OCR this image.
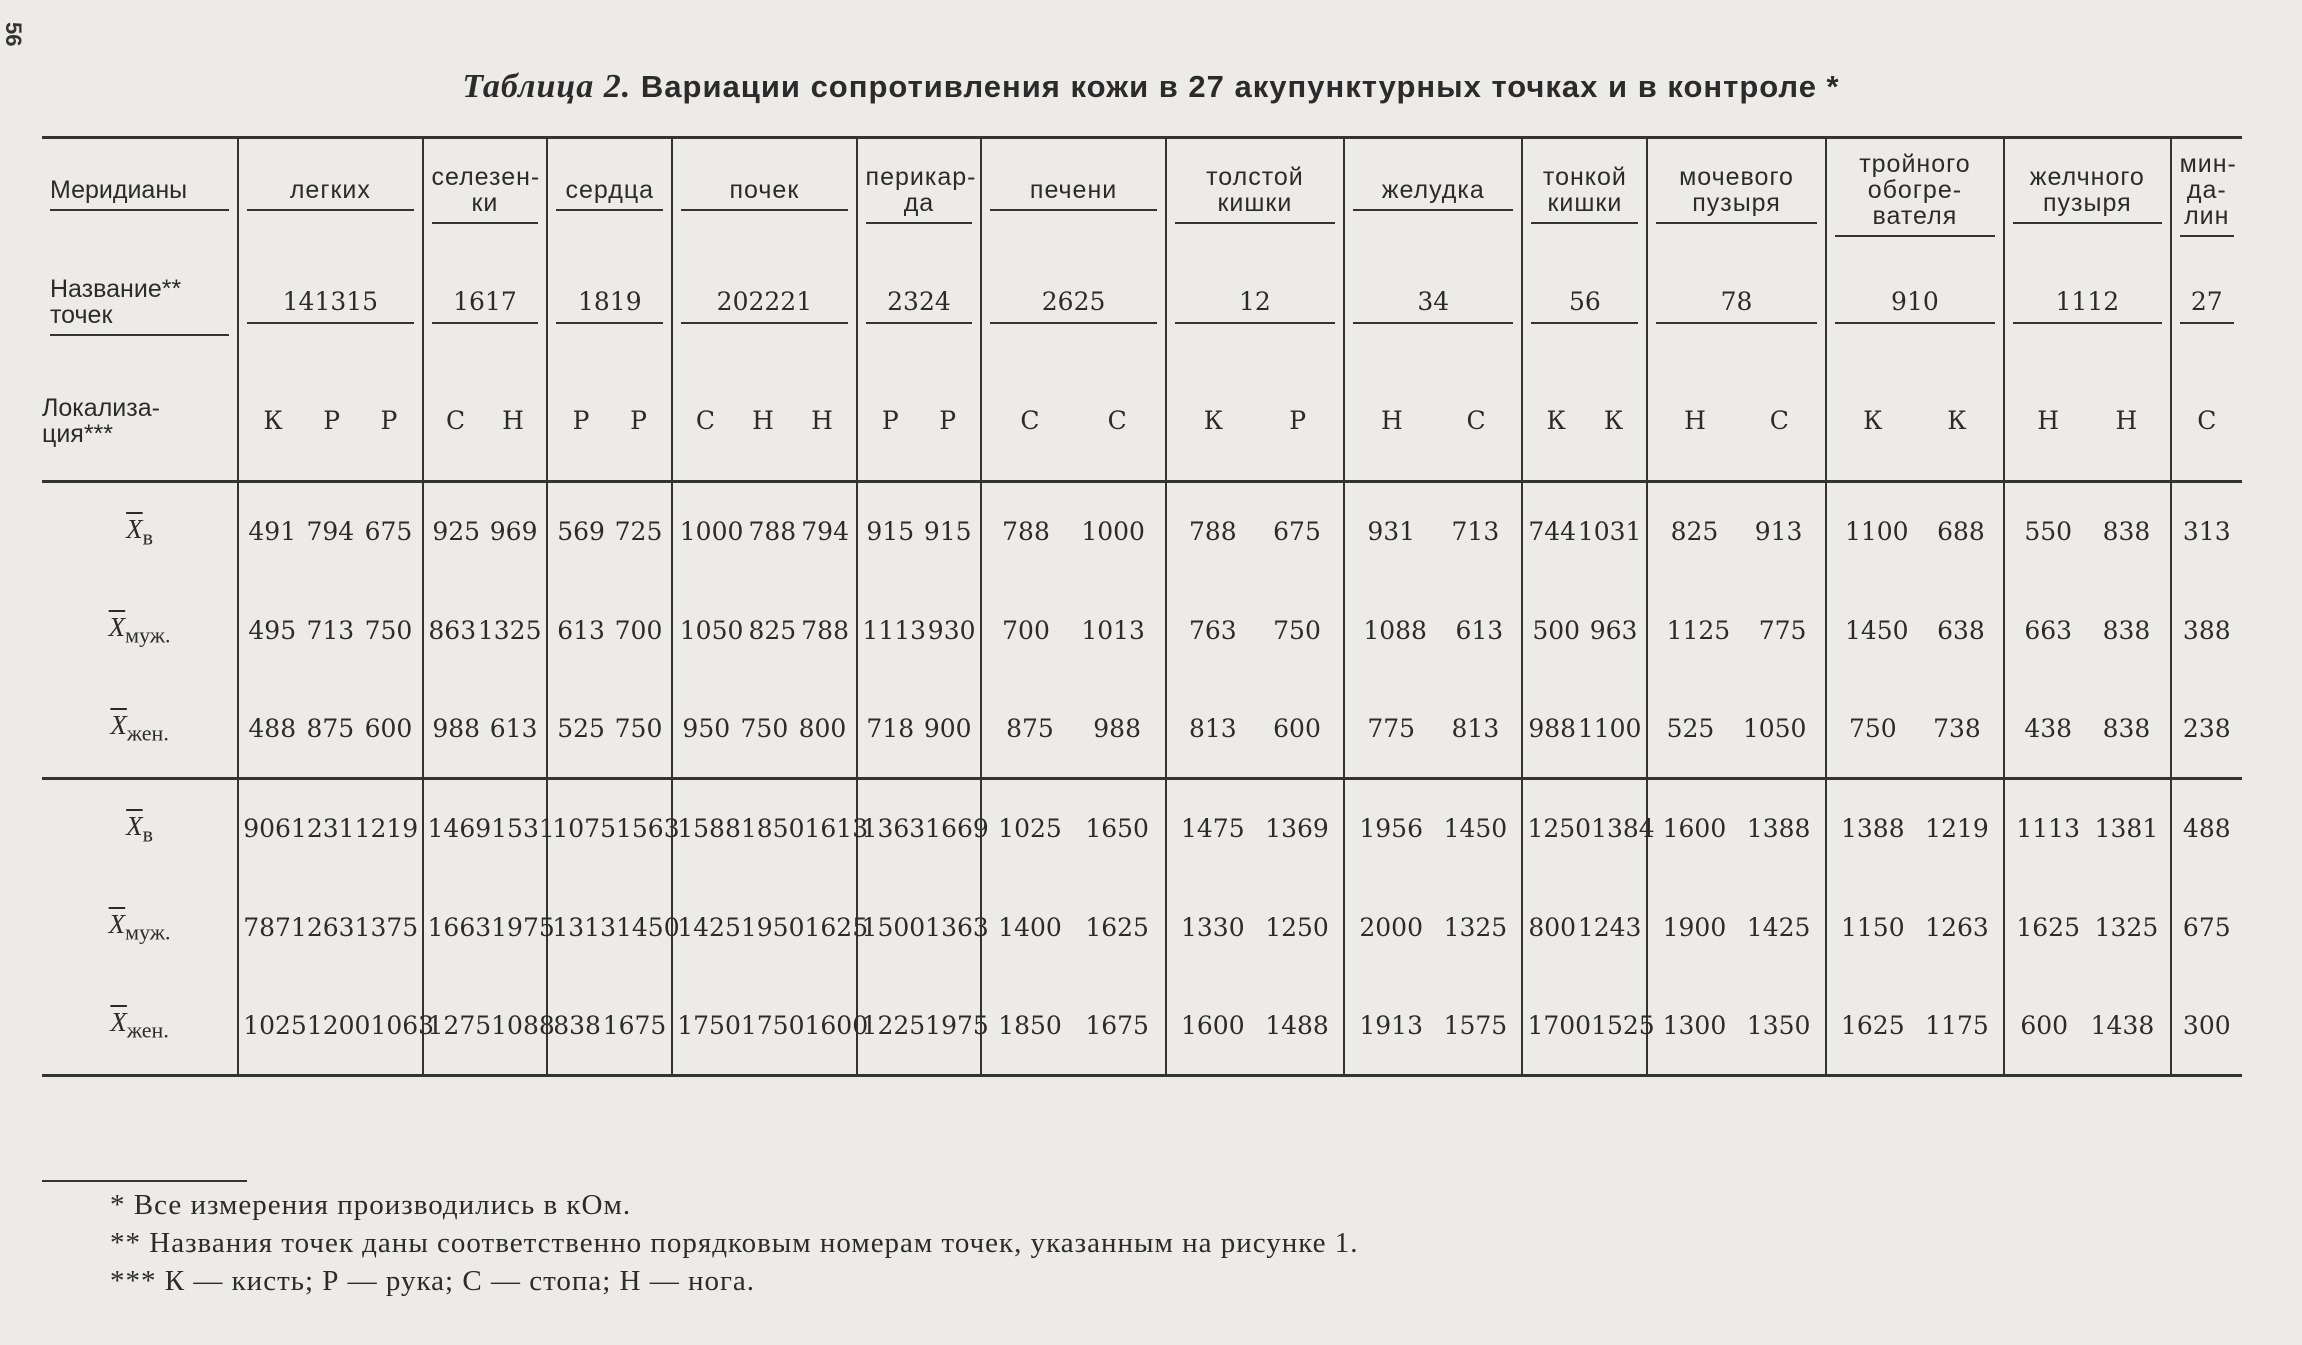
56
Таблица 2. Вариации сопротивления кожи в 27 акупунктурных точках и в контроле *
Меридианы	легких	селезен- ки	сердца	почек	перикар- да	печени	толстой кишки	желудка	тонкой кишки	мочевого пузыря	тройного обогре- вателя	желчного пузыря	мин- да- лин

Название** точек	141315	1617	1819	202221	2324	2625	12	34	56	78	910	1112	27

Локализа- ция***	К Р Р	С Н	Р Р	С Н Н	Р Р	С С	К Р	Н С	К К	Н С	К К	Н Н	С

$\overline{X}_в$	491 794 675	925 969	569 725	1000 788 794	915 915	788 1000	788 675	931 713	744 1031	825 913	1100 688	550 838	313

$\overline{X}_{муж.}$	495 713 750	863 1325	613 700	1050 825 788	1113 930	700 1013	763 750	1088 613	500 963	1125 775	1450 638	663 838	388

$\overline{X}_{жен.}$	488 875 600	988 613	525 750	950 750 800	718 900	875 988	813 600	775 813	988 1100	525 1050	750 738	438 838	238

$\overline{X}_в$	906 1231 1219	1469 1531	1075 1563	1588 1850 1613	1363 1669	1025 1650	1475 1369	1956 1450	1250 1384	1600 1388	1388 1219	1113 1381	488

$\overline{X}_{муж.}$	787 1263 1375	1663 1975	1313 1450	1425 1950 1625	1500 1363	1400 1625	1330 1250	2000 1325	800 1243	1900 1425	1150 1263	1625 1325	675

$\overline{X}_{жен.}$	1025 1200 1063	1275 1088	838 1675	1750 1750 1600	1225 1975	1850 1675	1600 1488	1913 1575	1700 1525	1300 1350	1625 1175	600 1438	300
* Все измерения производились в кОм.
** Названия точек даны соответственно порядковым номерам точек, указанным на рисунке 1.
*** К — кисть; Р — рука; С — стопа; Н — нога.
